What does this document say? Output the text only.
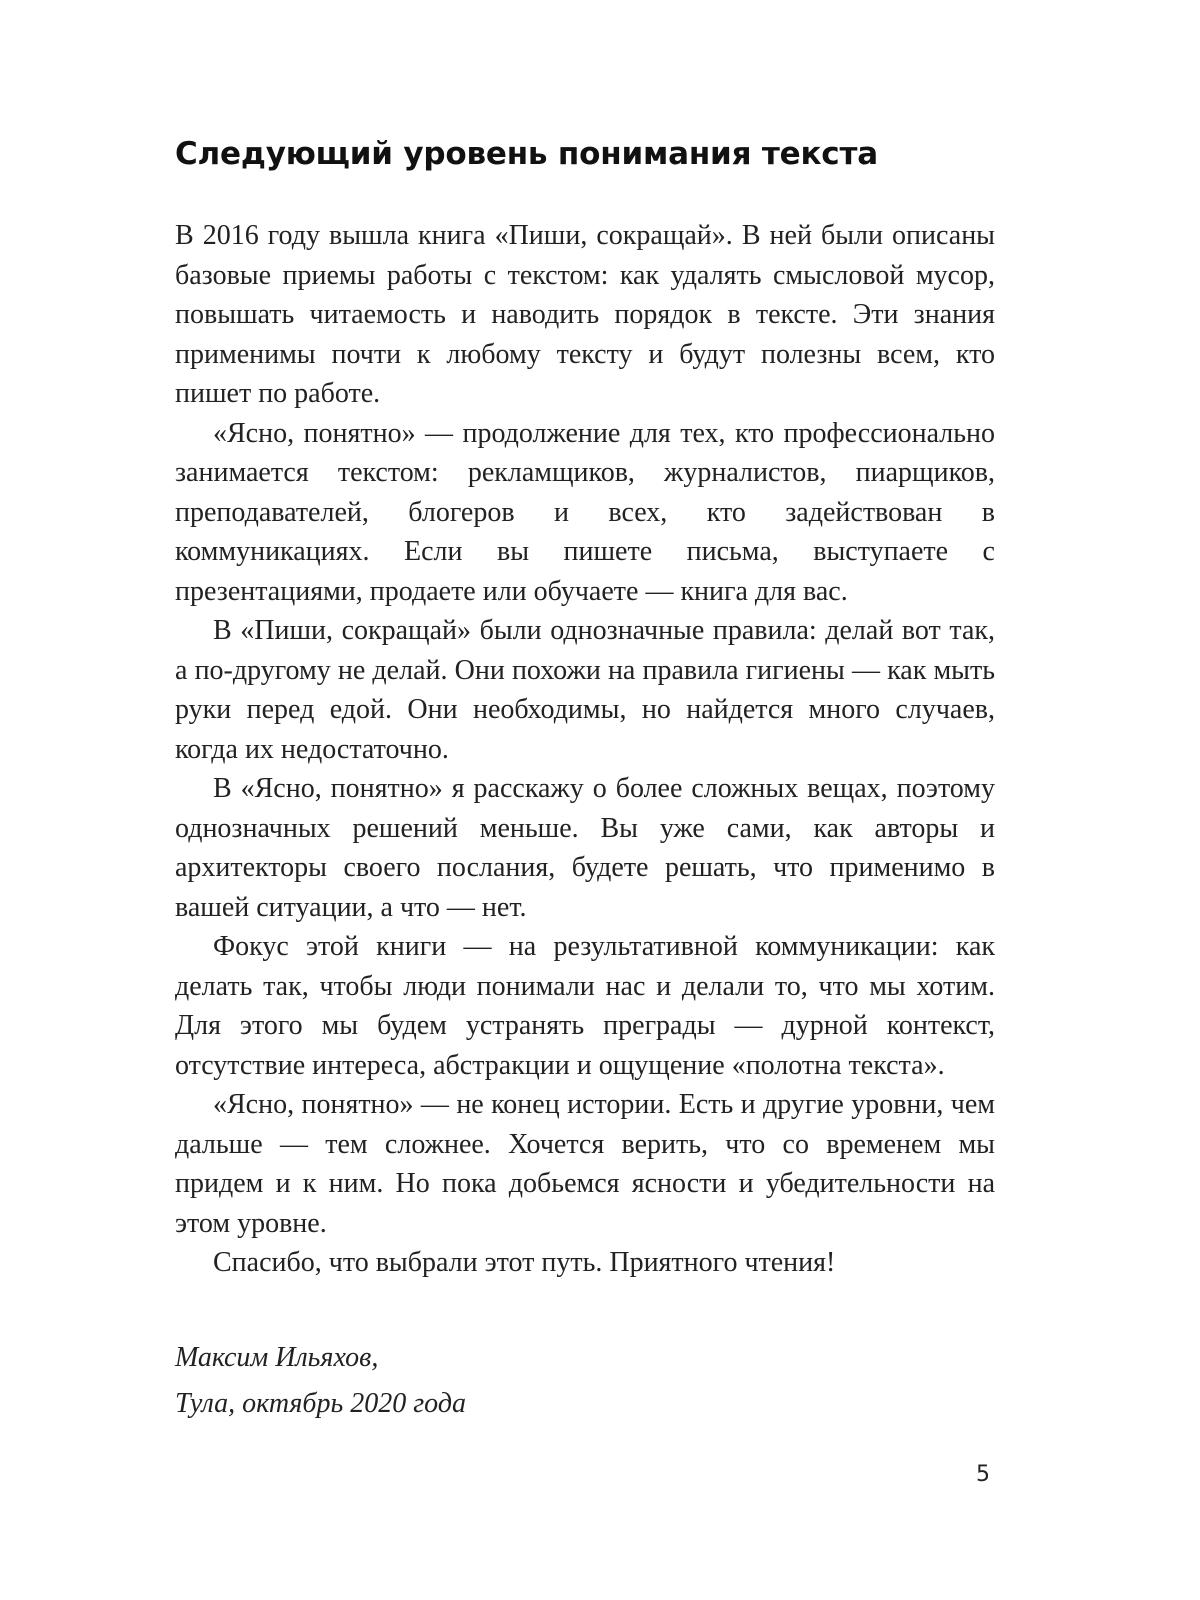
Следующий уровень понимания текста

В 2016 году вышла книга «Пиши, сокращай». В ней были описаны базовые приемы работы с текстом: как удалять смысловой мусор, повышать читаемость и наводить порядок в тексте. Эти знания применимы почти к любому тексту и будут полезны всем, кто пишет по работе.

«Ясно, понятно» — продолжение для тех, кто профессионально занимается текстом: рекламщиков, журналистов, пиарщиков, преподавателей, блогеров и всех, кто задействован в коммуникациях. Если вы пишете письма, выступаете с презентациями, продаете или обучаете — книга для вас.

В «Пиши, сокращай» были однозначные правила: делай вот так, а по-другому не делай. Они похожи на правила гигиены — как мыть руки перед едой. Они необходимы, но найдется много случаев, когда их недостаточно.

В «Ясно, понятно» я расскажу о более сложных вещах, поэтому однозначных решений меньше. Вы уже сами, как авторы и архитекторы своего послания, будете решать, что применимо в вашей ситуации, а что — нет.

Фокус этой книги — на результативной коммуникации: как делать так, чтобы люди понимали нас и делали то, что мы хотим. Для этого мы будем устранять преграды — дурной контекст, отсутствие интереса, абстракции и ощущение «полотна текста».

«Ясно, понятно» — не конец истории. Есть и другие уровни, чем дальше — тем сложнее. Хочется верить, что со временем мы придем и к ним. Но пока добьемся ясности и убедительности на этом уровне.

Спасибо, что выбрали этот путь. Приятного чтения!

Максим Ильяхов,
Тула, октябрь 2020 года
5
